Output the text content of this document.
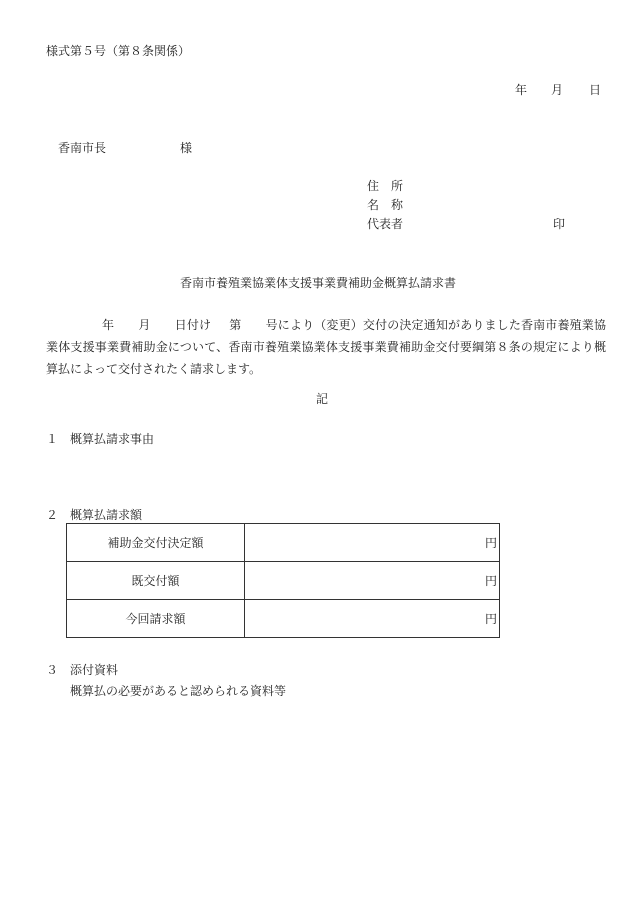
様式第５号（第８条関係）
年 月 日
香南市長	様
住　所
名　称
代表者	印
香南市養殖業協業体支援事業費補助金概算払請求書
年 月 日付け 第 号により（変更）交付の決定通知がありました香南市養殖業協業体支援事業費補助金について、香南市養殖業協業体支援事業費補助金交付要綱第８条の規定により概算払によって交付されたく請求します。
記
１ 概算払請求事由
２ 概算払請求額
補助金交付決定額	円
既交付額	円
今回請求額	円
３ 添付資料
概算払の必要があると認められる資料等
